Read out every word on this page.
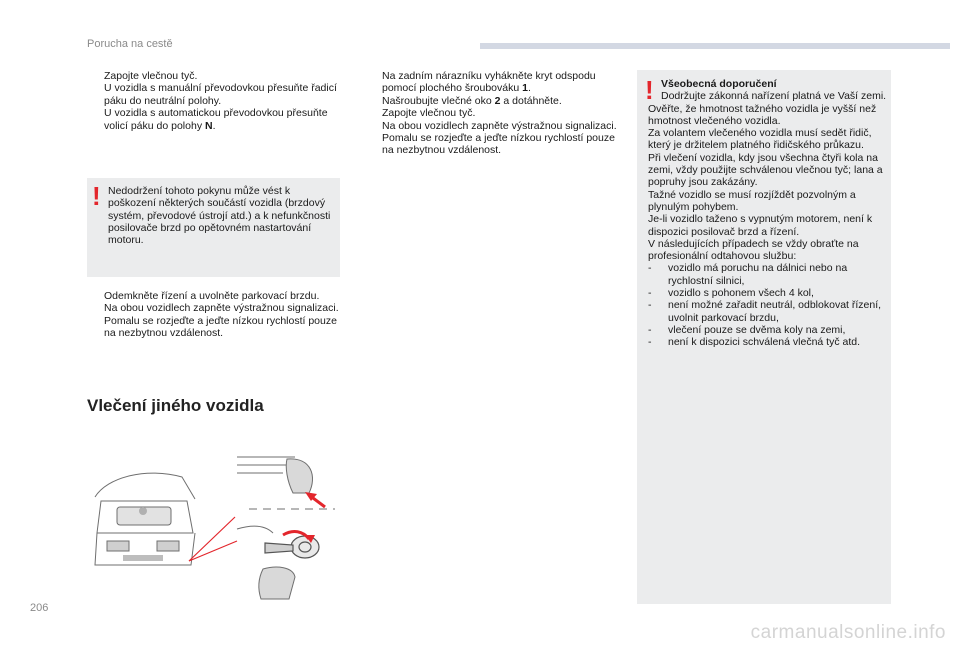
Porucha na cestě
Zapojte vlečnou tyč.
U vozidla s manuální převodovkou přesuňte řadicí páku do neutrální polohy.
U vozidla s automatickou převodovkou přesuňte volicí páku do polohy N.
! Nedodržení tohoto pokynu může vést k poškození některých součástí vozidla (brzdový systém, převodové ústrojí atd.) a k nefunkčnosti posilovače brzd po opětovném nastartování motoru.
Odemkněte řízení a uvolněte parkovací brzdu.
Na obou vozidlech zapněte výstražnou signalizaci.
Pomalu se rozjeďte a jeďte nízkou rychlostí pouze na nezbytnou vzdálenost.
Vlečení jiného vozidla
Na zadním nárazníku vyhákněte kryt odspodu pomocí plochého šroubováku 1.
Našroubujte vlečné oko 2 a dotáhněte.
Zapojte vlečnou tyč.
Na obou vozidlech zapněte výstražnou signalizaci.
Pomalu se rozjeďte a jeďte nízkou rychlostí pouze na nezbytnou vzdálenost.
! Všeobecná doporučení
Dodržujte zákonná nařízení platná ve Vaší zemi.
Ověřte, že hmotnost tažného vozidla je vyšší než hmotnost vlečeného vozidla.
Za volantem vlečeného vozidla musí sedět řidič, který je držitelem platného řidičského průkazu.
Při vlečení vozidla, kdy jsou všechna čtyři kola na zemi, vždy použijte schválenou vlečnou tyč; lana a popruhy jsou zakázány.
Tažné vozidlo se musí rozjíždět pozvolným a plynulým pohybem.
Je-li vozidlo taženo s vypnutým motorem, není k dispozici posilovač brzd a řízení.
V následujících případech se vždy obraťte na profesionální odtahovou službu:
- vozidlo má poruchu na dálnici nebo na rychlostní silnici,
- vozidlo s pohonem všech 4 kol,
- není možné zařadit neutrál, odblokovat řízení, uvolnit parkovací brzdu,
- vlečení pouze se dvěma koly na zemi,
- není k dispozici schválená vlečná tyč atd.
206
carmanualsonline.info
